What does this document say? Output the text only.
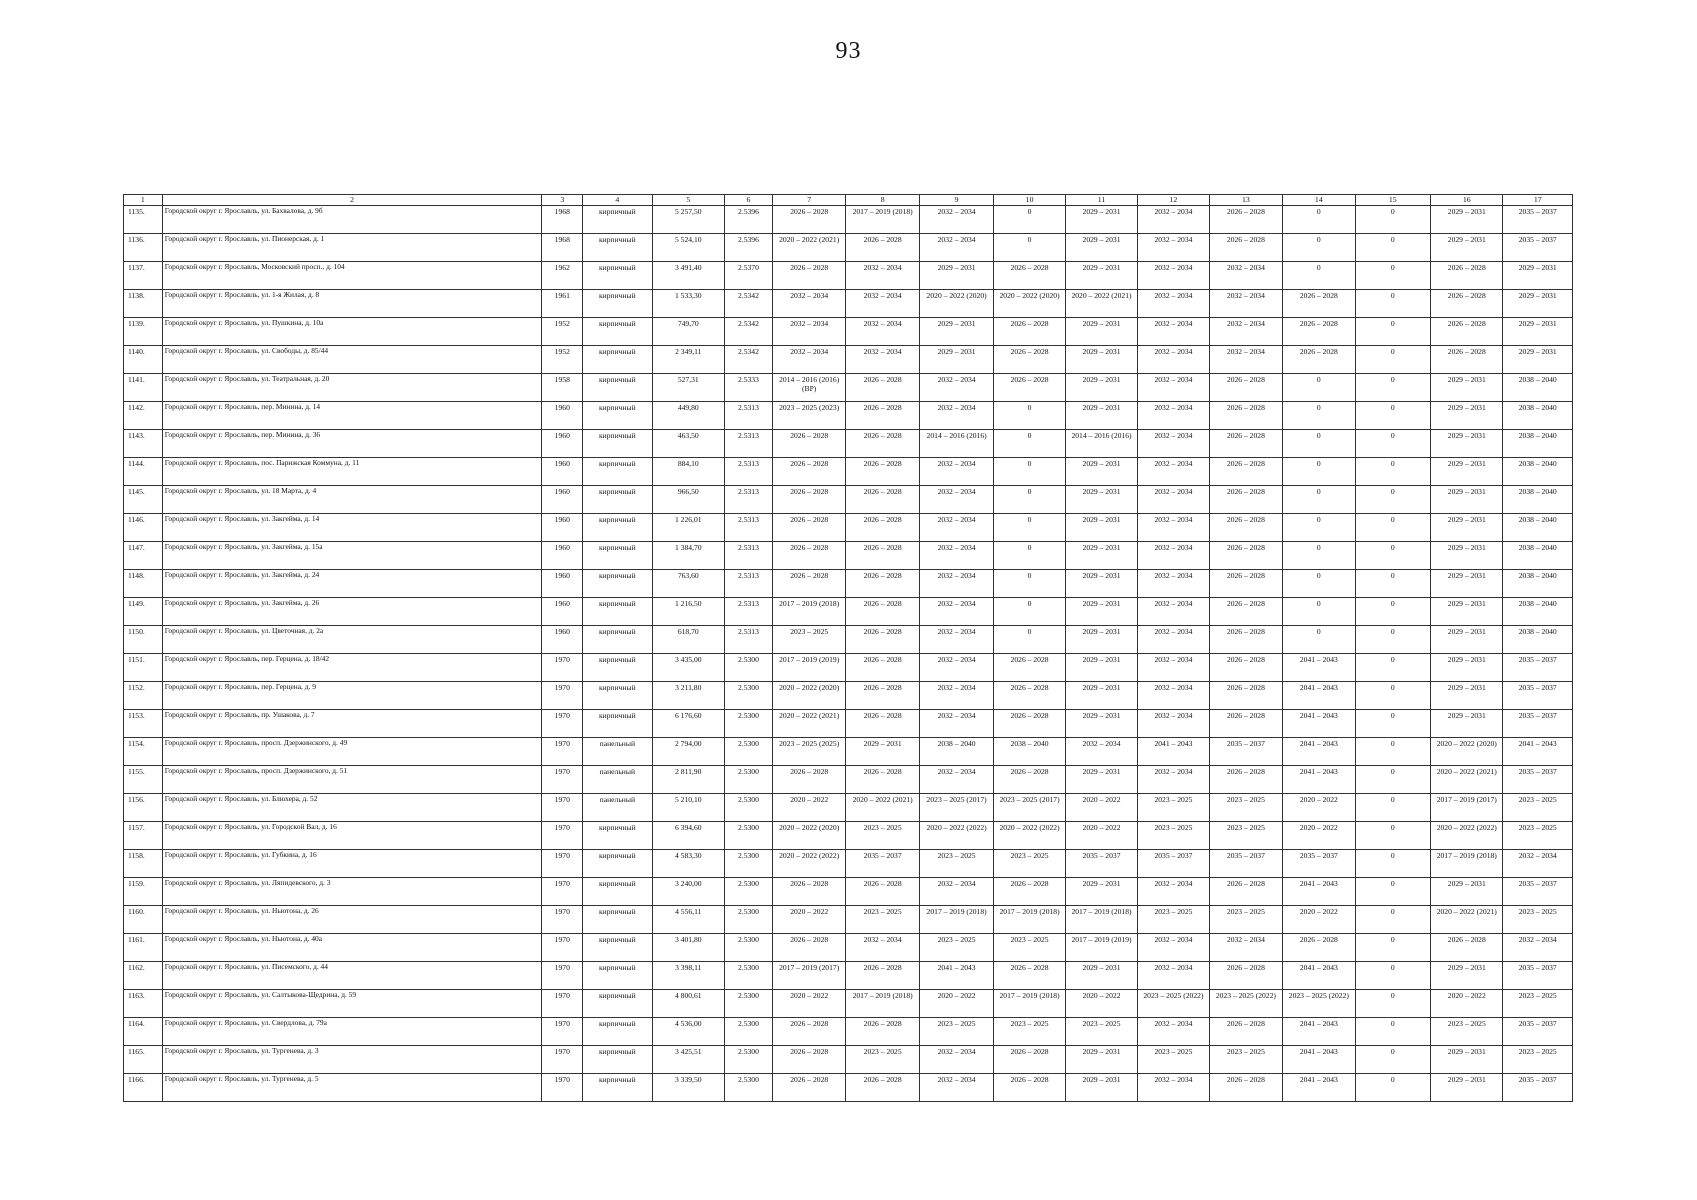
93
1	2	3	4	5	6	7	8	9	10	11	12	13	14	15	16	17
1135.	Городской округ г. Ярославль, ул. Бахвалова, д. 9б	1968	кирпичный	5 257,50	2.5396	2026 – 2028	2017 – 2019 (2018)	2032 – 2034	0	2029 – 2031	2032 – 2034	2026 – 2028	0	0	2029 – 2031	2035 – 2037
1136.	Городской округ г. Ярославль, ул. Пионерская, д. 1	1968	кирпичный	5 524,10	2.5396	2020 – 2022 (2021)	2026 – 2028	2032 – 2034	0	2029 – 2031	2032 – 2034	2026 – 2028	0	0	2029 – 2031	2035 – 2037
1137.	Городской округ г. Ярославль, Московский просп., д. 104	1962	кирпичный	3 491,40	2.5370	2026 – 2028	2032 – 2034	2029 – 2031	2026 – 2028	2029 – 2031	2032 – 2034	2032 – 2034	0	0	2026 – 2028	2029 – 2031
1138.	Городской округ г. Ярославль, ул. 1-я Жилая, д. 8	1961	кирпичный	1 533,30	2.5342	2032 – 2034	2032 – 2034	2020 – 2022 (2020)	2020 – 2022 (2020)	2020 – 2022 (2021)	2032 – 2034	2032 – 2034	2026 – 2028	0	2026 – 2028	2029 – 2031
1139.	Городской округ г. Ярославль, ул. Пушкина, д. 10а	1952	кирпичный	749,70	2.5342	2032 – 2034	2032 – 2034	2029 – 2031	2026 – 2028	2029 – 2031	2032 – 2034	2032 – 2034	2026 – 2028	0	2026 – 2028	2029 – 2031
1140.	Городской округ г. Ярославль, ул. Свободы, д. 85/44	1952	кирпичный	2 349,11	2.5342	2032 – 2034	2032 – 2034	2029 – 2031	2026 – 2028	2029 – 2031	2032 – 2034	2032 – 2034	2026 – 2028	0	2026 – 2028	2029 – 2031
1141.	Городской округ г. Ярославль, ул. Театральная, д. 20	1958	кирпичный	527,31	2.5333	2014 – 2016 (2016) (ВР)	2026 – 2028	2032 – 2034	2026 – 2028	2029 – 2031	2032 – 2034	2026 – 2028	0	0	2029 – 2031	2038 – 2040
1142.	Городской округ г. Ярославль, пер. Минина, д. 14	1960	кирпичный	449,80	2.5313	2023 – 2025 (2023)	2026 – 2028	2032 – 2034	0	2029 – 2031	2032 – 2034	2026 – 2028	0	0	2029 – 2031	2038 – 2040
1143.	Городской округ г. Ярославль, пер. Минина, д. 36	1960	кирпичный	463,50	2.5313	2026 – 2028	2026 – 2028	2014 – 2016 (2016)	0	2014 – 2016 (2016)	2032 – 2034	2026 – 2028	0	0	2029 – 2031	2038 – 2040
1144.	Городской округ г. Ярославль, пос. Парижская Коммуна, д. 11	1960	кирпичный	884,10	2.5313	2026 – 2028	2026 – 2028	2032 – 2034	0	2029 – 2031	2032 – 2034	2026 – 2028	0	0	2029 – 2031	2038 – 2040
1145.	Городской округ г. Ярославль, ул. 18 Марта, д. 4	1960	кирпичный	966,50	2.5313	2026 – 2028	2026 – 2028	2032 – 2034	0	2029 – 2031	2032 – 2034	2026 – 2028	0	0	2029 – 2031	2038 – 2040
1146.	Городской округ г. Ярославль, ул. Закгейма, д. 14	1960	кирпичный	1 226,01	2.5313	2026 – 2028	2026 – 2028	2032 – 2034	0	2029 – 2031	2032 – 2034	2026 – 2028	0	0	2029 – 2031	2038 – 2040
1147.	Городской округ г. Ярославль, ул. Закгейма, д. 15а	1960	кирпичный	1 384,70	2.5313	2026 – 2028	2026 – 2028	2032 – 2034	0	2029 – 2031	2032 – 2034	2026 – 2028	0	0	2029 – 2031	2038 – 2040
1148.	Городской округ г. Ярославль, ул. Закгейма, д. 24	1960	кирпичный	763,60	2.5313	2026 – 2028	2026 – 2028	2032 – 2034	0	2029 – 2031	2032 – 2034	2026 – 2028	0	0	2029 – 2031	2038 – 2040
1149.	Городской округ г. Ярославль, ул. Закгейма, д. 26	1960	кирпичный	1 216,50	2.5313	2017 – 2019 (2018)	2026 – 2028	2032 – 2034	0	2029 – 2031	2032 – 2034	2026 – 2028	0	0	2029 – 2031	2038 – 2040
1150.	Городской округ г. Ярославль, ул. Цветочная, д. 2а	1960	кирпичный	618,70	2.5313	2023 – 2025	2026 – 2028	2032 – 2034	0	2029 – 2031	2032 – 2034	2026 – 2028	0	0	2029 – 2031	2038 – 2040
1151.	Городской округ г. Ярославль, пер. Герцена, д. 18/42	1970	кирпичный	3 435,00	2.5300	2017 – 2019 (2019)	2026 – 2028	2032 – 2034	2026 – 2028	2029 – 2031	2032 – 2034	2026 – 2028	2041 – 2043	0	2029 – 2031	2035 – 2037
1152.	Городской округ г. Ярославль, пер. Герцена, д. 9	1970	кирпичный	3 211,80	2.5300	2020 – 2022 (2020)	2026 – 2028	2032 – 2034	2026 – 2028	2029 – 2031	2032 – 2034	2026 – 2028	2041 – 2043	0	2029 – 2031	2035 – 2037
1153.	Городской округ г. Ярославль, пр. Ушакова, д. 7	1970	кирпичный	6 176,60	2.5300	2020 – 2022 (2021)	2026 – 2028	2032 – 2034	2026 – 2028	2029 – 2031	2032 – 2034	2026 – 2028	2041 – 2043	0	2029 – 2031	2035 – 2037
1154.	Городской округ г. Ярославль, просп. Дзержинского, д. 49	1970	панельный	2 794,00	2.5300	2023 – 2025 (2025)	2029 – 2031	2038 – 2040	2038 – 2040	2032 – 2034	2041 – 2043	2035 – 2037	2041 – 2043	0	2020 – 2022 (2020)	2041 – 2043
1155.	Городской округ г. Ярославль, просп. Дзержинского, д. 51	1970	панельный	2 811,90	2.5300	2026 – 2028	2026 – 2028	2032 – 2034	2026 – 2028	2029 – 2031	2032 – 2034	2026 – 2028	2041 – 2043	0	2020 – 2022 (2021)	2035 – 2037
1156.	Городской округ г. Ярославль, ул. Блюхера, д. 52	1970	панельный	5 210,10	2.5300	2020 – 2022	2020 – 2022 (2021)	2023 – 2025 (2017)	2023 – 2025 (2017)	2020 – 2022	2023 – 2025	2023 – 2025	2020 – 2022	0	2017 – 2019 (2017)	2023 – 2025
1157.	Городской округ г. Ярославль, ул. Городской Вал, д. 16	1970	кирпичный	6 394,60	2.5300	2020 – 2022 (2020)	2023 – 2025	2020 – 2022 (2022)	2020 – 2022 (2022)	2020 – 2022	2023 – 2025	2023 – 2025	2020 – 2022	0	2020 – 2022 (2022)	2023 – 2025
1158.	Городской округ г. Ярославль, ул. Губкина, д. 16	1970	кирпичный	4 583,30	2.5300	2020 – 2022 (2022)	2035 – 2037	2023 – 2025	2023 – 2025	2035 – 2037	2035 – 2037	2035 – 2037	2035 – 2037	0	2017 – 2019 (2018)	2032 – 2034
1159.	Городской округ г. Ярославль, ул. Ляпидевского, д. 3	1970	кирпичный	3 240,00	2.5300	2026 – 2028	2026 – 2028	2032 – 2034	2026 – 2028	2029 – 2031	2032 – 2034	2026 – 2028	2041 – 2043	0	2029 – 2031	2035 – 2037
1160.	Городской округ г. Ярославль, ул. Ньютона, д. 26	1970	кирпичный	4 556,11	2.5300	2020 – 2022	2023 – 2025	2017 – 2019 (2018)	2017 – 2019 (2018)	2017 – 2019 (2018)	2023 – 2025	2023 – 2025	2020 – 2022	0	2020 – 2022 (2021)	2023 – 2025
1161.	Городской округ г. Ярославль, ул. Ньютона, д. 40а	1970	кирпичный	3 401,80	2.5300	2026 – 2028	2032 – 2034	2023 – 2025	2023 – 2025	2017 – 2019 (2019)	2032 – 2034	2032 – 2034	2026 – 2028	0	2026 – 2028	2032 – 2034
1162.	Городской округ г. Ярославль, ул. Писемского, д. 44	1970	кирпичный	3 398,11	2.5300	2017 – 2019 (2017)	2026 – 2028	2041 – 2043	2026 – 2028	2029 – 2031	2032 – 2034	2026 – 2028	2041 – 2043	0	2029 – 2031	2035 – 2037
1163.	Городской округ г. Ярославль, ул. Салтыкова-Щедрина, д. 59	1970	кирпичный	4 800,61	2.5300	2020 – 2022	2017 – 2019 (2018)	2020 – 2022	2017 – 2019 (2018)	2020 – 2022	2023 – 2025 (2022)	2023 – 2025 (2022)	2023 – 2025 (2022)	0	2020 – 2022	2023 – 2025
1164.	Городской округ г. Ярославль, ул. Свердлова, д. 79а	1970	кирпичный	4 536,00	2.5300	2026 – 2028	2026 – 2028	2023 – 2025	2023 – 2025	2023 – 2025	2032 – 2034	2026 – 2028	2041 – 2043	0	2023 – 2025	2035 – 2037
1165.	Городской округ г. Ярославль, ул. Тургенева, д. 3	1970	кирпичный	3 425,51	2.5300	2026 – 2028	2023 – 2025	2032 – 2034	2026 – 2028	2029 – 2031	2023 – 2025	2023 – 2025	2041 – 2043	0	2029 – 2031	2023 – 2025
1166.	Городской округ г. Ярославль, ул. Тургенева, д. 5	1970	кирпичный	3 339,50	2.5300	2026 – 2028	2026 – 2028	2032 – 2034	2026 – 2028	2029 – 2031	2032 – 2034	2026 – 2028	2041 – 2043	0	2029 – 2031	2035 – 2037
